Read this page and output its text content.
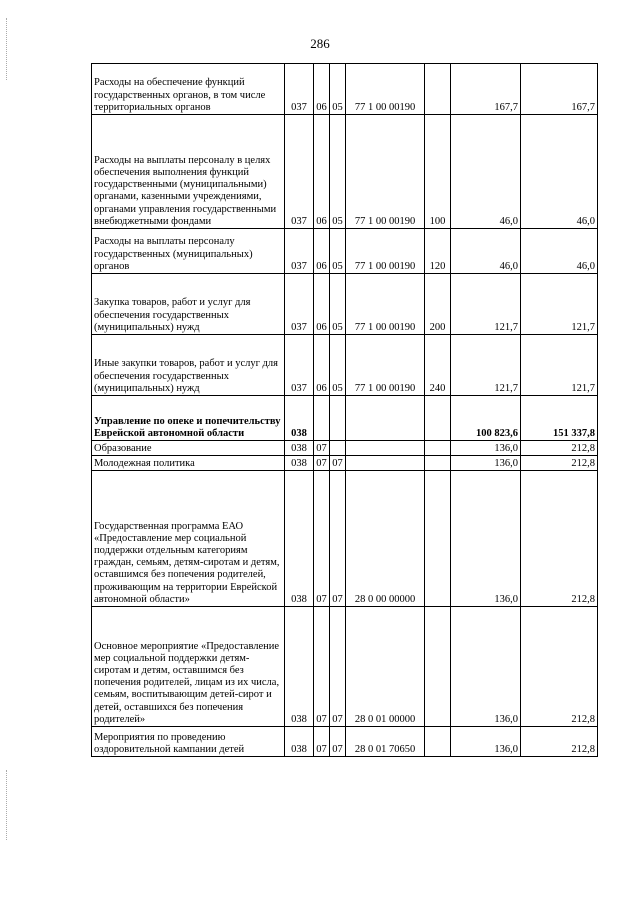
286
Расходы на обеспечение функций государственных органов, в том числе территориальных органов	037	06	05	77 1 00 00190		167,7	167,7
Расходы на выплаты персоналу в целях обеспечения выполнения функций государственными (муниципальными) органами, казенными учреждениями, органами управления государственными внебюджетными фондами	037	06	05	77 1 00 00190	100	46,0	46,0
Расходы на выплаты персоналу государственных (муниципальных) органов	037	06	05	77 1 00 00190	120	46,0	46,0
Закупка товаров, работ и услуг для обеспечения государственных (муниципальных) нужд	037	06	05	77 1 00 00190	200	121,7	121,7
Иные закупки товаров, работ и услуг для обеспечения государственных (муниципальных) нужд	037	06	05	77 1 00 00190	240	121,7	121,7
Управление по опеке и попечительству Еврейской автономной области	038					100 823,6	151 337,8
Образование	038	07				136,0	212,8
Молодежная политика	038	07	07			136,0	212,8
Государственная программа ЕАО «Предоставление мер социальной поддержки отдельным категориям граждан, семьям, детям-сиротам и детям, оставшимся без попечения родителей, проживающим на территории Еврейской автономной области»	038	07	07	28 0 00 00000		136,0	212,8
Основное мероприятие «Предоставление мер социальной поддержки детям-сиротам и детям, оставшимся без попечения родителей, лицам из их числа, семьям, воспитывающим детей-сирот и детей, оставшихся без попечения родителей»	038	07	07	28 0 01 00000		136,0	212,8
Мероприятия по проведению оздоровительной кампании детей	038	07	07	28 0 01 70650		136,0	212,8
